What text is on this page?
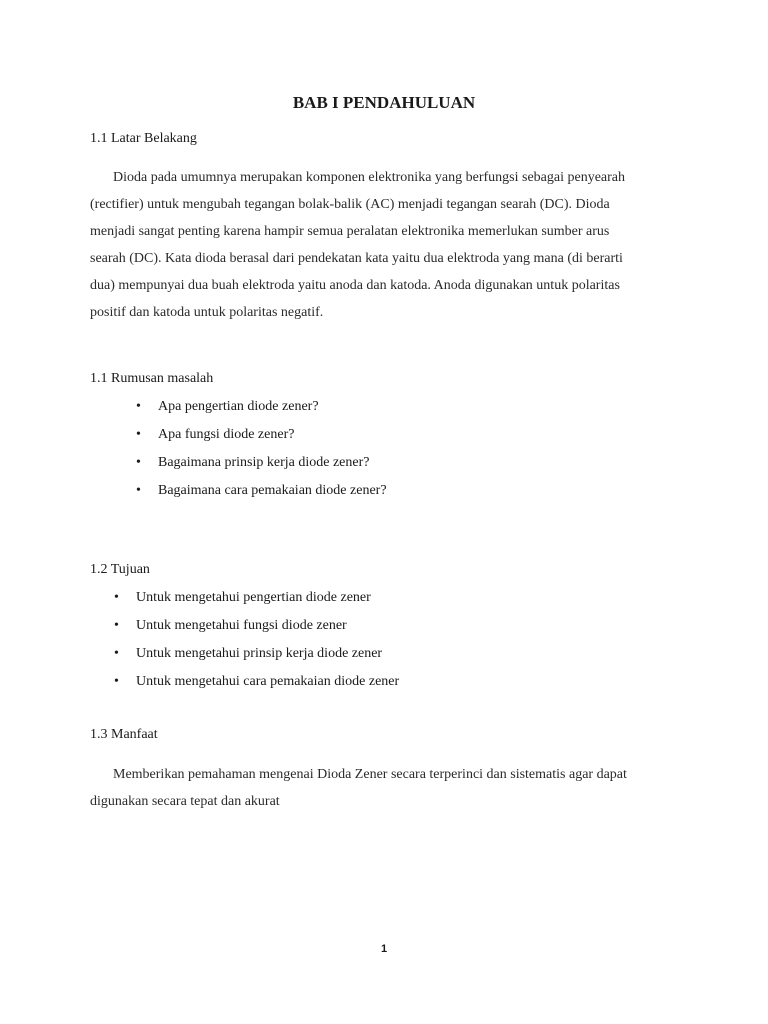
BAB I PENDAHULUAN
1.1 Latar Belakang
Dioda pada umumnya merupakan komponen elektronika yang berfungsi sebagai penyearah
(rectifier) untuk mengubah tegangan bolak-balik (AC) menjadi tegangan searah (DC). Dioda
menjadi sangat penting karena hampir semua peralatan elektronika memerlukan sumber arus
searah (DC). Kata dioda berasal dari pendekatan kata yaitu dua elektroda yang mana (di berarti
dua) mempunyai dua buah elektroda yaitu anoda dan katoda. Anoda digunakan untuk polaritas
positif dan katoda untuk polaritas negatif.
1.1 Rumusan masalah
• Apa pengertian diode zener?
• Apa fungsi diode zener?
• Bagaimana prinsip kerja diode zener?
• Bagaimana cara pemakaian diode zener?
1.2 Tujuan
• Untuk mengetahui pengertian diode zener
• Untuk mengetahui fungsi diode zener
• Untuk mengetahui prinsip kerja diode zener
• Untuk mengetahui cara pemakaian diode zener
1.3 Manfaat
Memberikan pemahaman mengenai Dioda Zener secara terperinci dan sistematis agar dapat
digunakan secara tepat dan akurat
1
